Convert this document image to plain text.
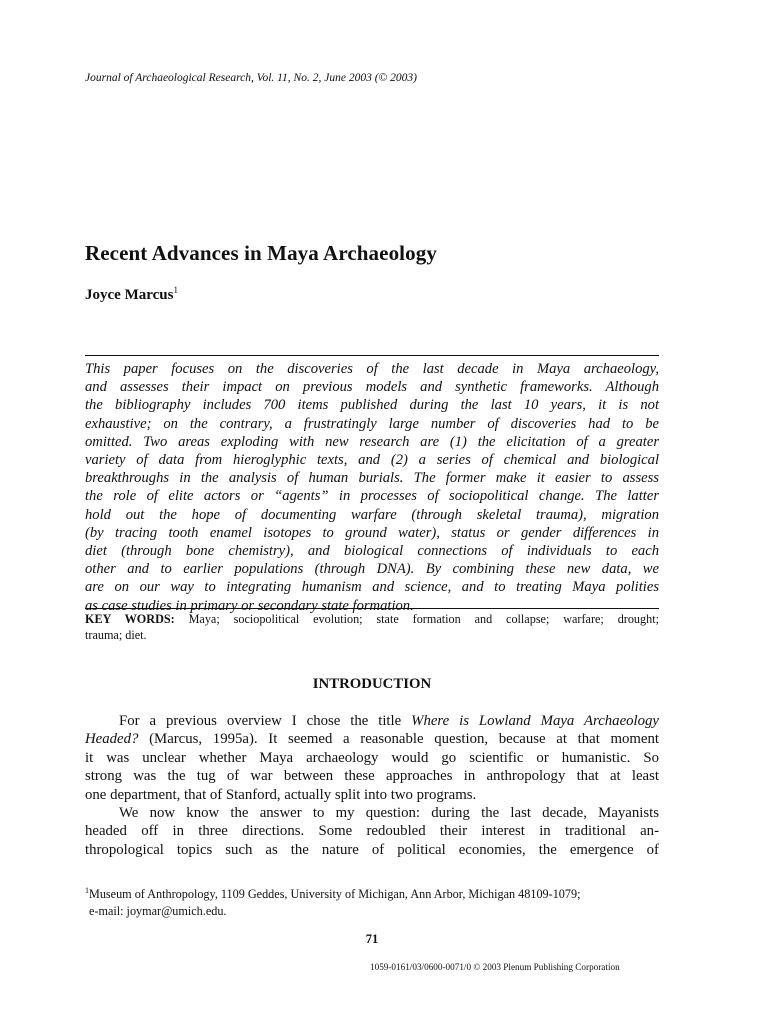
Journal of Archaeological Research, Vol. 11, No. 2, June 2003 (© 2003)
Recent Advances in Maya Archaeology
Joyce Marcus$^1$
This paper focuses on the discoveries of the last decade in Maya archaeology,
and assesses their impact on previous models and synthetic frameworks. Although
the bibliography includes 700 items published during the last 10 years, it is not
exhaustive; on the contrary, a frustratingly large number of discoveries had to be
omitted. Two areas exploding with new research are (1) the elicitation of a greater
variety of data from hieroglyphic texts, and (2) a series of chemical and biological
breakthroughs in the analysis of human burials. The former make it easier to assess
the role of elite actors or “agents” in processes of sociopolitical change. The latter
hold out the hope of documenting warfare (through skeletal trauma), migration
(by tracing tooth enamel isotopes to ground water), status or gender differences in
diet (through bone chemistry), and biological connections of individuals to each
other and to earlier populations (through DNA). By combining these new data, we
are on our way to integrating humanism and science, and to treating Maya polities
as case studies in primary or secondary state formation.
KEY WORDS: Maya; sociopolitical evolution; state formation and collapse; warfare; drought;
trauma; diet.
INTRODUCTION
For a previous overview I chose the title Where is Lowland Maya Archaeology
Headed? (Marcus, 1995a). It seemed a reasonable question, because at that moment
it was unclear whether Maya archaeology would go scientific or humanistic. So
strong was the tug of war between these approaches in anthropology that at least
one department, that of Stanford, actually split into two programs.
We now know the answer to my question: during the last decade, Mayanists
headed off in three directions. Some redoubled their interest in traditional an-
thropological topics such as the nature of political economies, the emergence of
$^1$Museum of Anthropology, 1109 Geddes, University of Michigan, Ann Arbor, Michigan 48109-1079;
e-mail: joymar@umich.edu.
71
1059-0161/03/0600-0071/0 © 2003 Plenum Publishing Corporation
